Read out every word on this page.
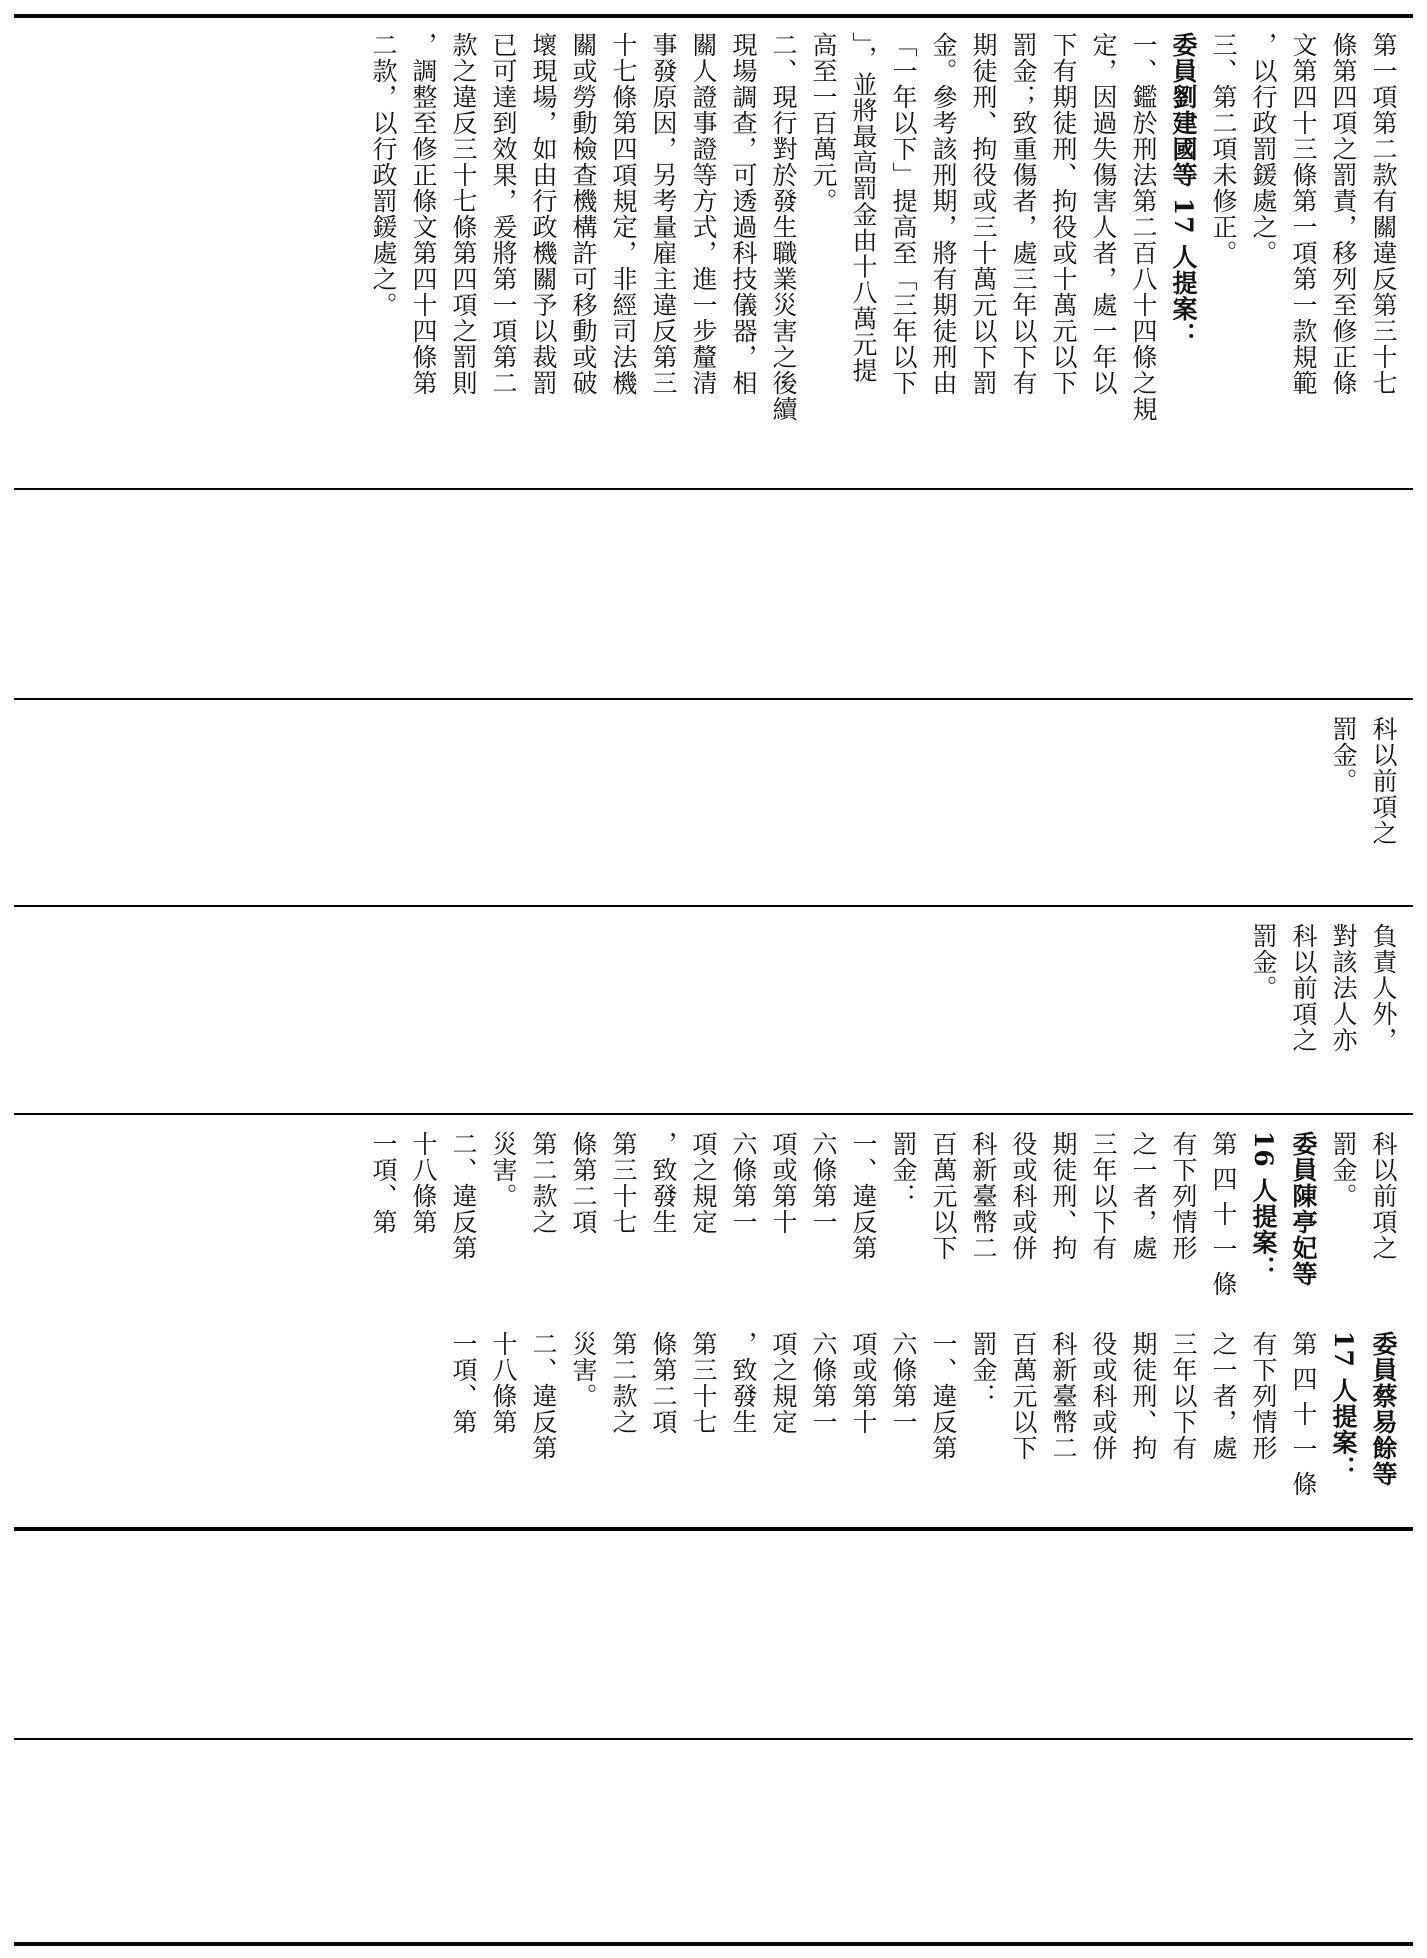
第一項第二款有關違反第三十七

條第四項之罰責，移列至修正條

文第四十三條第一項第一款規範

，以行政罰鍰處之。

三、第二項未修正。

委員劉建國等 17 人提案：

一、鑑於刑法第二百八十四條之規

定，因過失傷害人者，處一年以

下有期徒刑、拘役或十萬元以下

罰金；致重傷者，處三年以下有

期徒刑、拘役或三十萬元以下罰

金。參考該刑期，將有期徒刑由

「一年以下」提高至「三年以下

」，並將最高罰金由十八萬元提

高至一百萬元。

二、現行對於發生職業災害之後續

現場調查，可透過科技儀器，相

關人證事證等方式，進一步釐清

事發原因，另考量雇主違反第三

十七條第四項規定，非經司法機

關或勞動檢查機構許可移動或破

壞現場，如由行政機關予以裁罰

已可達到效果，爰將第一項第二

款之違反三十七條第四項之罰則

，調整至修正條文第四十四條第

二款，以行政罰鍰處之。

科以前項之

罰金。

負責人外，

對該法人亦

科以前項之

罰金。

科以前項之

罰金。

委員陳亭妃等

16 人提案：

第 四 十 一 條

有下列情形

之一者，處

三年以下有

期徒刑、拘

役或科或併

科新臺幣二

百萬元以下

罰金：

一、違反第

六條第一

項或第十

六條第一

項之規定

，致發生

第三十七

條第二項

第二款之

災害。

二、違反第

十八條第

一項、第

委員蔡易餘等

17 人提案：

第 四 十 一 條

有下列情形

之一者，處

三年以下有

期徒刑、拘

役或科或併

科新臺幣二

百萬元以下

罰金：

一、違反第

六條第一

項或第十

六條第一

項之規定

，致發生

第三十七

條第二項

第二款之

災害。

二、違反第

十八條第

一項、第
